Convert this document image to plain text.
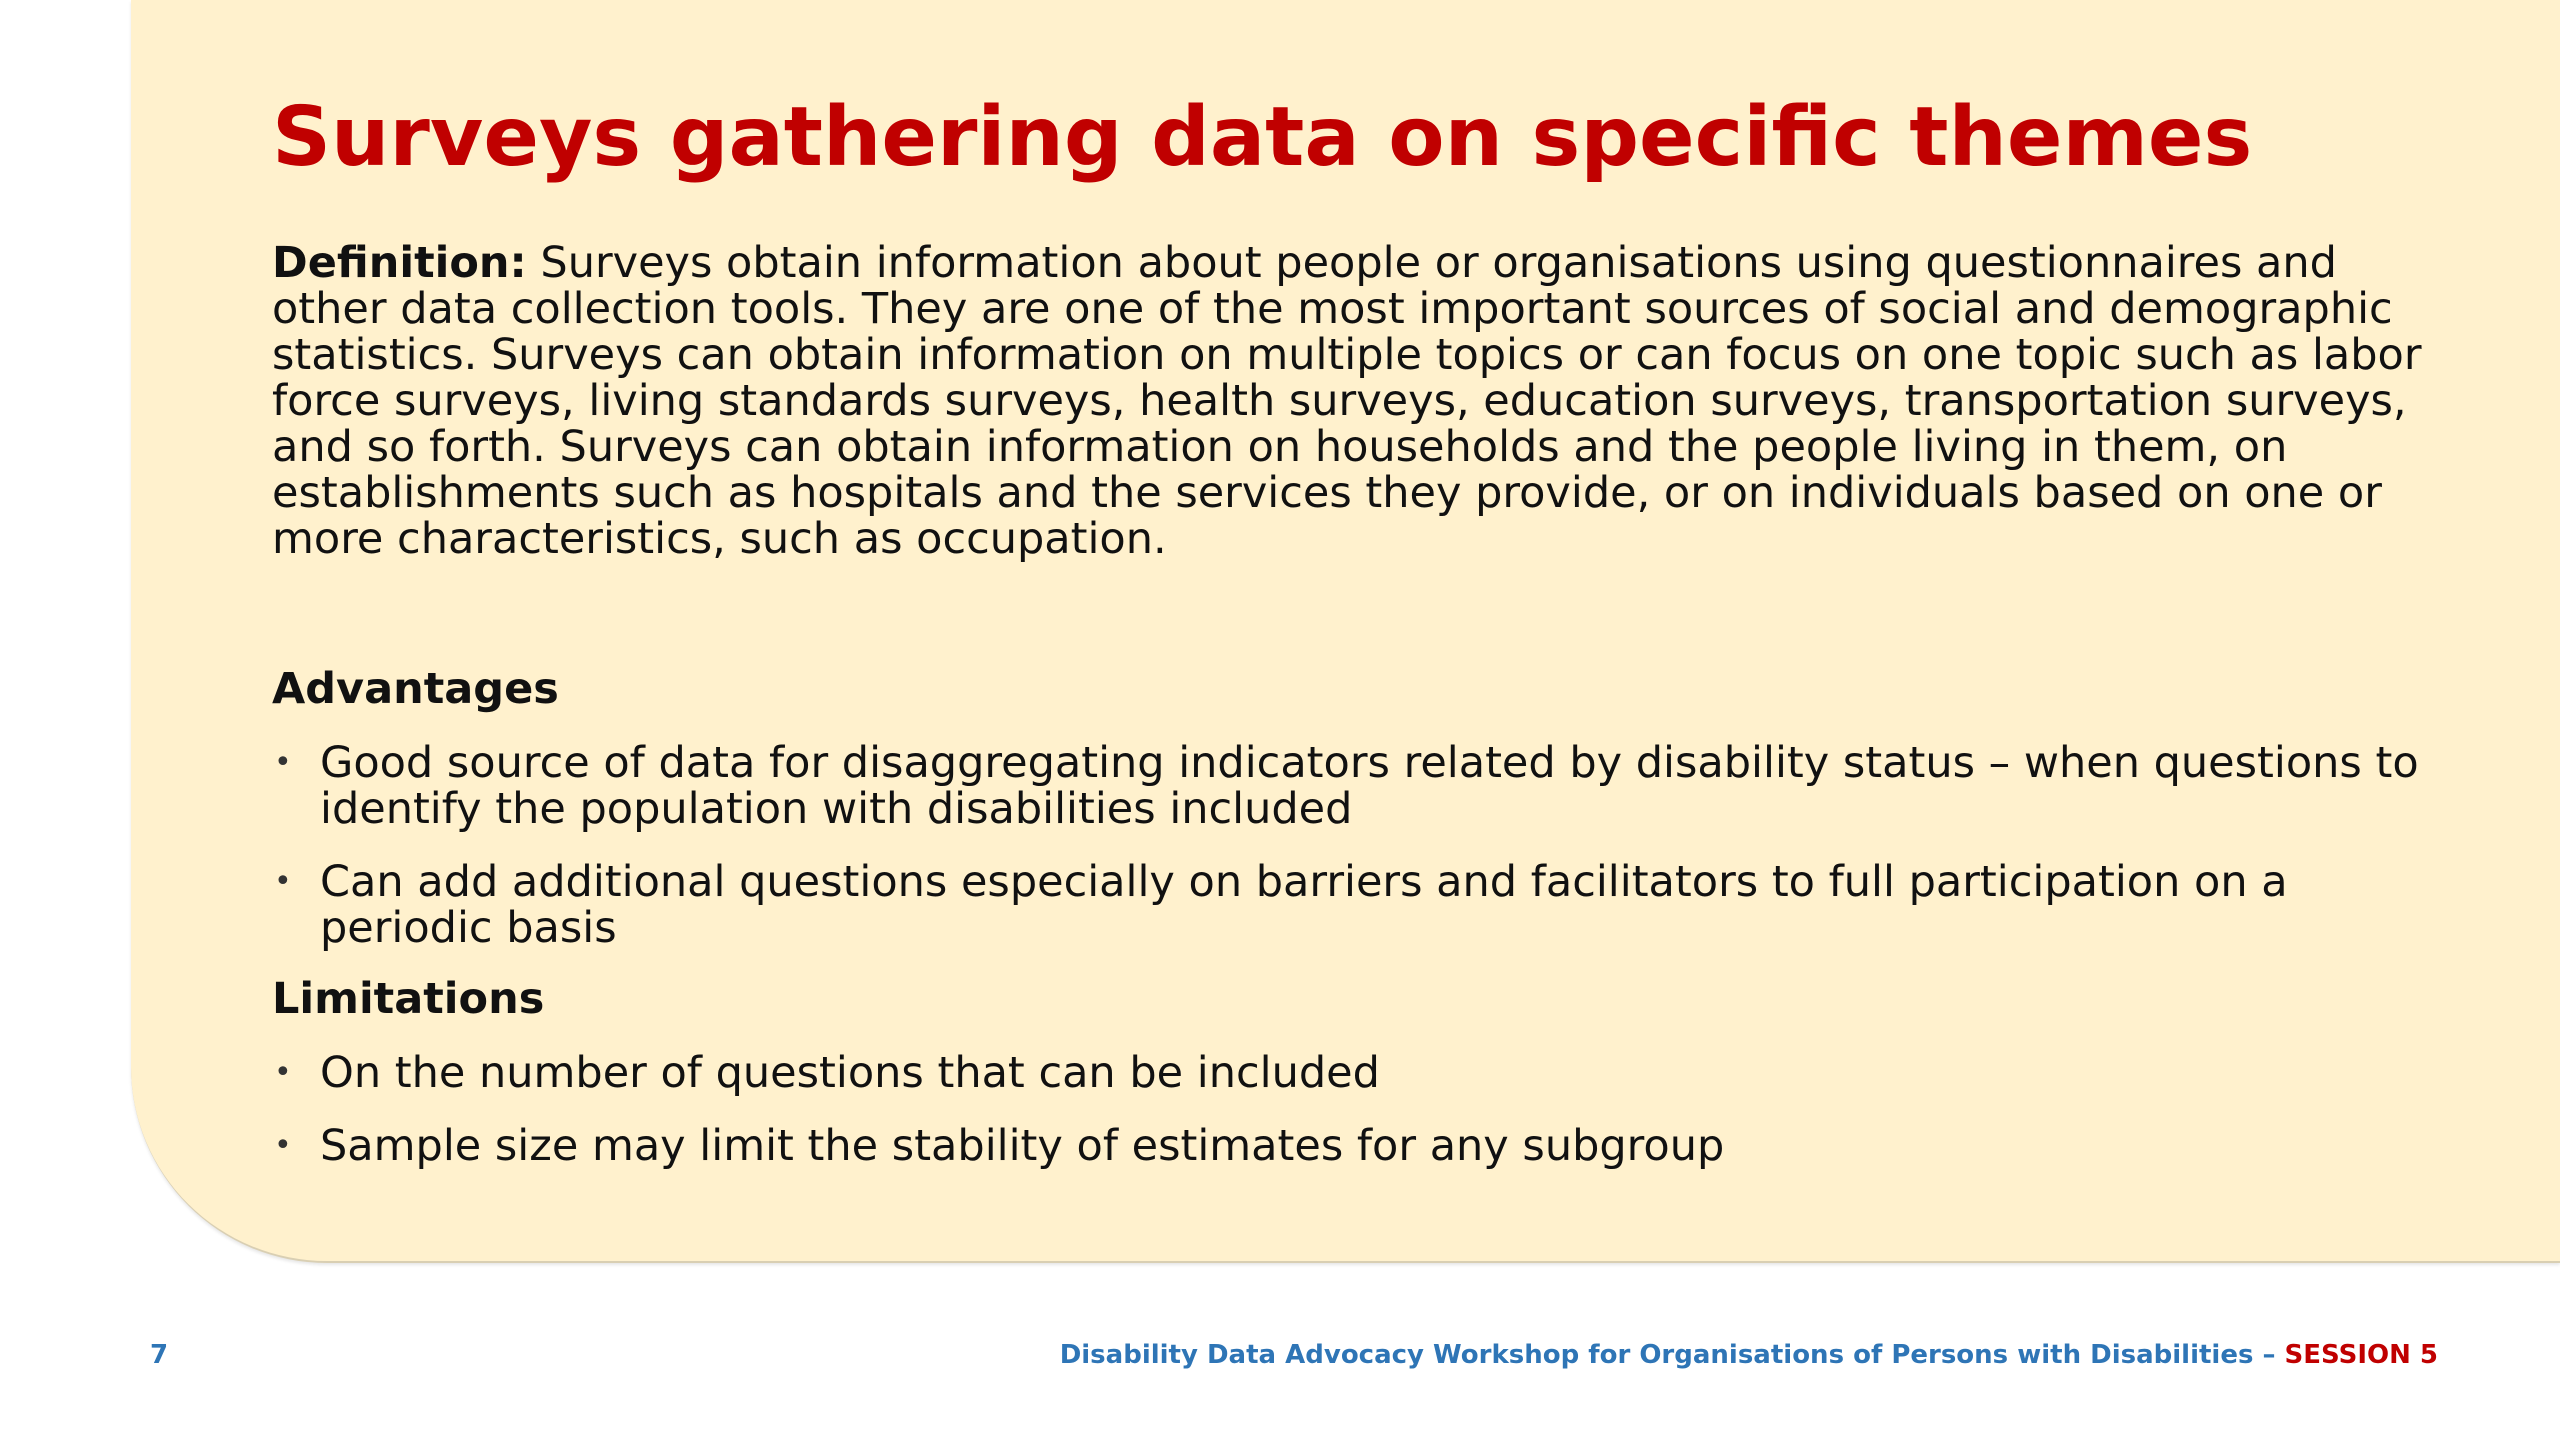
Surveys gathering data on specific themes

Definition: Surveys obtain information about people or organisations using questionnaires and other data collection tools. They are one of the most important sources of social and demographic statistics. Surveys can obtain information on multiple topics or can focus on one topic such as labor force surveys, living standards surveys, health surveys, education surveys, transportation surveys, and so forth. Surveys can obtain information on households and the people living in them, on establishments such as hospitals and the services they provide, or on individuals based on one or more characteristics, such as occupation.

Advantages
• Good source of data for disaggregating indicators related by disability status – when questions to identify the population with disabilities included
• Can add additional questions especially on barriers and facilitators to full participation on a periodic basis
Limitations
• On the number of questions that can be included
• Sample size may limit the stability of estimates for any subgroup
7	Disability Data Advocacy Workshop for Organisations of Persons with Disabilities – SESSION 5
